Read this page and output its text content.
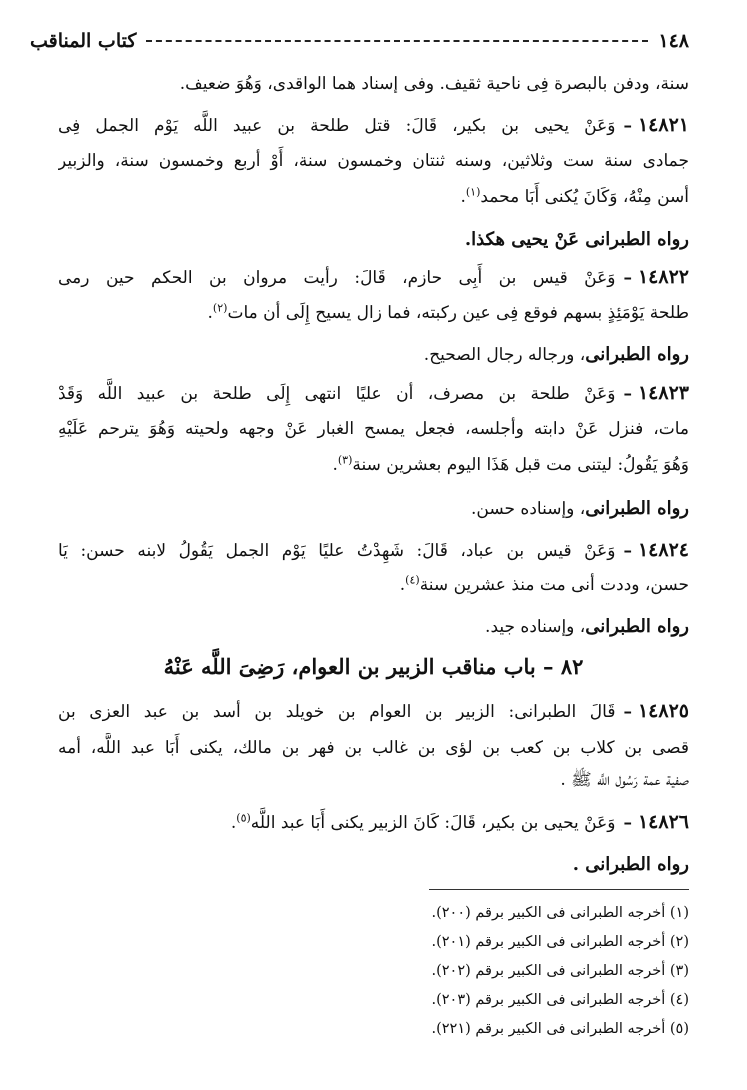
١٤٨
كتاب المناقب
سنة، ودفن بالبصرة فِى ناحية ثقيف. وفى إسناد هما الواقدى، وَهُوَ ضعيف.
١٤٨٢١–وَعَنْ يحيى بن بكير، قَالَ: قتل طلحة بن عبيد اللَّه يَوْم الجمل فِى
جمادى سنة ست وثلاثين، وسنه ثنتان وخمسون سنة، أَوْ أربع وخمسون سنة، والزبير
أسن مِنْهُ، وَكَانَ يُكنى أَبَا محمد$^{(١)}$.
رواه الطبرانى عَنْ يحيى هكذا.
١٤٨٢٢–وَعَنْ قيس بن أَبِى حازم، قَالَ: رأيت مروان بن الحكم حين رمى
طلحة يَوْمَئِذٍ بسهم فوقع فِى عين ركبته، فما زال يسيح إِلَى أن مات$^{(٢)}$.
رواه الطبرانى، ورجاله رجال الصحيح.
١٤٨٢٣–وَعَنْ طلحة بن مصرف، أن عليًا انتهى إِلَى طلحة بن عبيد اللَّه وَقَدْ
مات، فنزل عَنْ دابته وأجلسه، فجعل يمسح الغبار عَنْ وجهه ولحيته وَهُوَ يترحم عَلَيْهِ
وَهُوَ يَقُولُ: ليتنى مت قبل هَذَا اليوم بعشرين سنة$^{(٣)}$.
رواه الطبرانى، وإسناده حسن.
١٤٨٢٤–وَعَنْ قيس بن عباد، قَالَ: شَهِدْتُ عليًا يَوْم الجمل يَقُولُ لابنه حسن: يَا
حسن، وددت أنى مت منذ عشرين سنة$^{(٤)}$.
رواه الطبرانى، وإسناده جيد.
٨٢ – باب مناقب الزبير بن العوام، رَضِىَ اللَّه عَنْهُ
١٤٨٢٥–قَالَ الطبرانى: الزبير بن العوام بن خويلد بن أسد بن عبد العزى بن
قصى بن كلاب بن كعب بن لؤى بن غالب بن فهر بن مالك، يكنى أَبَا عبد اللَّه، أمه
صفية عمة رَسُول اللَّه ﷺ .
١٤٨٢٦–وَعَنْ يحيى بن بكير، قَالَ: كَانَ الزبير يكنى أَبَا عبد اللَّه$^{(٥)}$.
رواه الطبرانى .
(١) أخرجه الطبرانى فى الكبير برقم (٢٠٠).
(٢) أخرجه الطبرانى فى الكبير برقم (٢٠١).
(٣) أخرجه الطبرانى فى الكبير برقم (٢٠٢).
(٤) أخرجه الطبرانى فى الكبير برقم (٢٠٣).
(٥) أخرجه الطبرانى فى الكبير برقم (٢٢١).
